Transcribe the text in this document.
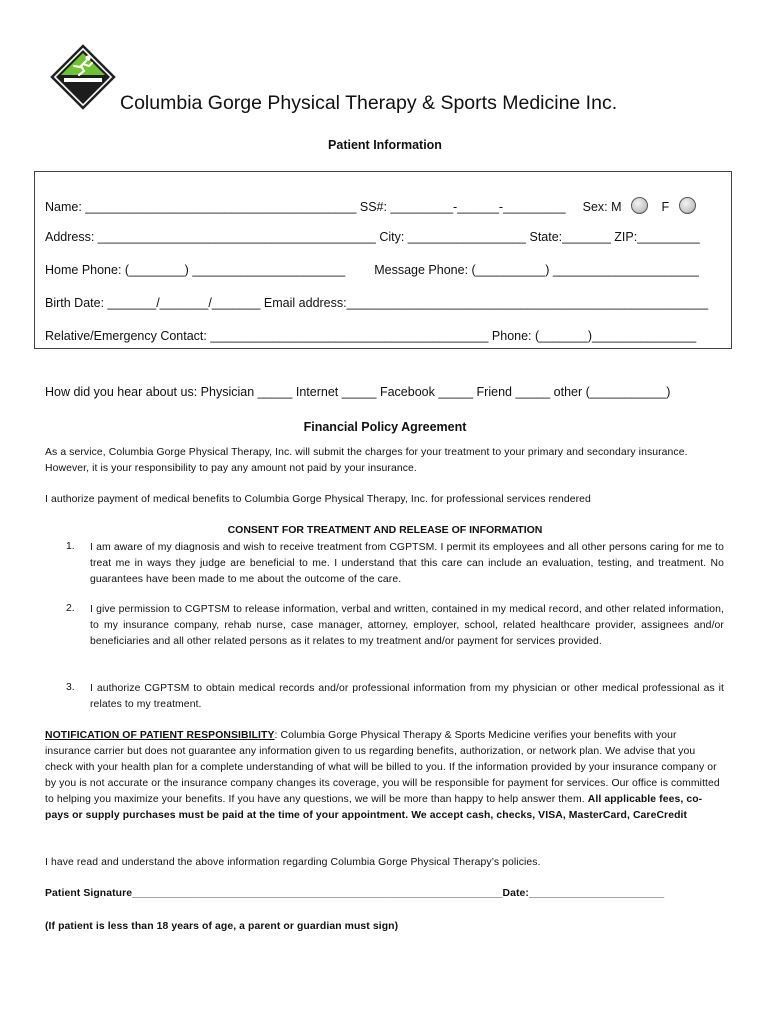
Columbia Gorge Physical Therapy & Sports Medicine Inc.
Patient Information
Name: _______________________________________ SS#: _________-______-_________ Sex: M	F
Address: ________________________________________ City: _________________ State:_______ ZIP:_________
Home Phone: (________) ______________________ Message Phone: (__________) _____________________
Birth Date: _______/_______/_______ Email address:____________________________________________________
Relative/Emergency Contact: ________________________________________ Phone: (_______)_______________
How did you hear about us: Physician _____ Internet _____ Facebook _____ Friend _____ other (___________)
Financial Policy Agreement
As a service, Columbia Gorge Physical Therapy, Inc. will submit the charges for your treatment to your primary and secondary insurance. However, it is your responsibility to pay any amount not paid by your insurance.
I authorize payment of medical benefits to Columbia Gorge Physical Therapy, Inc. for professional services rendered
CONSENT FOR TREATMENT AND RELEASE OF INFORMATION
1. I am aware of my diagnosis and wish to receive treatment from CGPTSM. I permit its employees and all other persons caring for me to treat me in ways they judge are beneficial to me. I understand that this care can include an evaluation, testing, and treatment. No guarantees have been made to me about the outcome of the care.
2. I give permission to CGPTSM to release information, verbal and written, contained in my medical record, and other related information, to my insurance company, rehab nurse, case manager, attorney, employer, school, related healthcare provider, assignees and/or beneficiaries and all other related persons as it relates to my treatment and/or payment for services provided.
3. I authorize CGPTSM to obtain medical records and/or professional information from my physician or other medical professional as it relates to my treatment.
NOTIFICATION OF PATIENT RESPONSIBILITY: Columbia Gorge Physical Therapy & Sports Medicine verifies your benefits with your insurance carrier but does not guarantee any information given to us regarding benefits, authorization, or network plan. We advise that you check with your health plan for a complete understanding of what will be billed to you. If the information provided by your insurance company or by you is not accurate or the insurance company changes its coverage, you will be responsible for payment for services. Our office is committed to helping you maximize your benefits. If you have any questions, we will be more than happy to help answer them. All applicable fees, co-pays or supply purchases must be paid at the time of your appointment. We accept cash, checks, VISA, MasterCard, CareCredit
I have read and understand the above information regarding Columbia Gorge Physical Therapy’s policies.
Patient Signature_______________________________________________________________Date:_______________________
(If patient is less than 18 years of age, a parent or guardian must sign)
